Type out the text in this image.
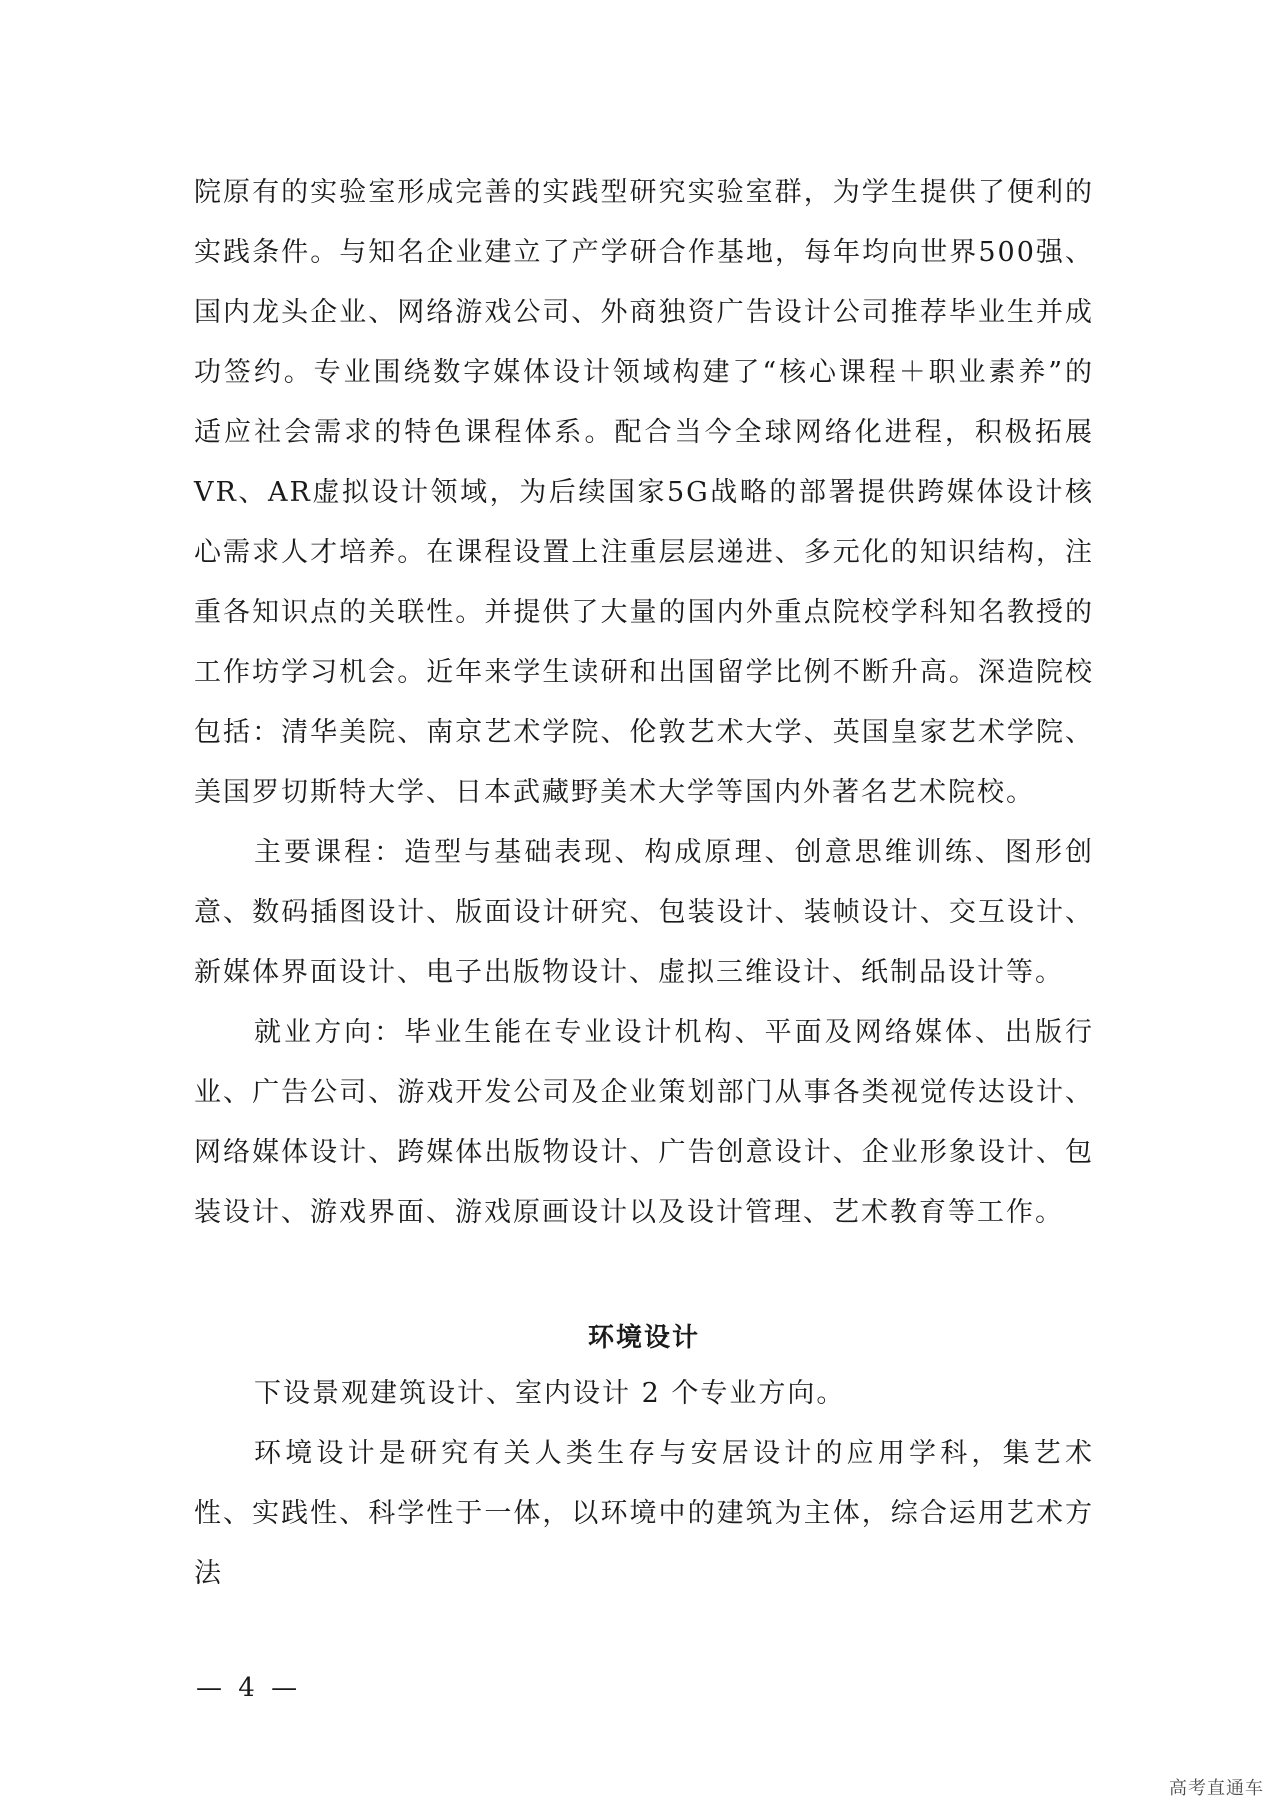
院原有的实验室形成完善的实践型研究实验室群，为学生提供了便利的实践条件。与知名企业建立了产学研合作基地，每年均向世界500强、国内龙头企业、网络游戏公司、外商独资广告设计公司推荐毕业生并成功签约。专业围绕数字媒体设计领域构建了“核心课程＋职业素养”的适应社会需求的特色课程体系。配合当今全球网络化进程，积极拓展VR、AR虚拟设计领域，为后续国家5G战略的部署提供跨媒体设计核心需求人才培养。在课程设置上注重层层递进、多元化的知识结构，注重各知识点的关联性。并提供了大量的国内外重点院校学科知名教授的工作坊学习机会。近年来学生读研和出国留学比例不断升高。深造院校包括：清华美院、南京艺术学院、伦敦艺术大学、英国皇家艺术学院、美国罗切斯特大学、日本武藏野美术大学等国内外著名艺术院校。

主要课程：造型与基础表现、构成原理、创意思维训练、图形创意、数码插图设计、版面设计研究、包装设计、装帧设计、交互设计、新媒体界面设计、电子出版物设计、虚拟三维设计、纸制品设计等。

就业方向：毕业生能在专业设计机构、平面及网络媒体、出版行业、广告公司、游戏开发公司及企业策划部门从事各类视觉传达设计、网络媒体设计、跨媒体出版物设计、广告创意设计、企业形象设计、包装设计、游戏界面、游戏原画设计以及设计管理、艺术教育等工作。

环境设计

下设景观建筑设计、室内设计 2 个专业方向。

环境设计是研究有关人类生存与安居设计的应用学科，集艺术性、实践性、科学性于一体，以环境中的建筑为主体，综合运用艺术方法

— 4 —
高考直通车
